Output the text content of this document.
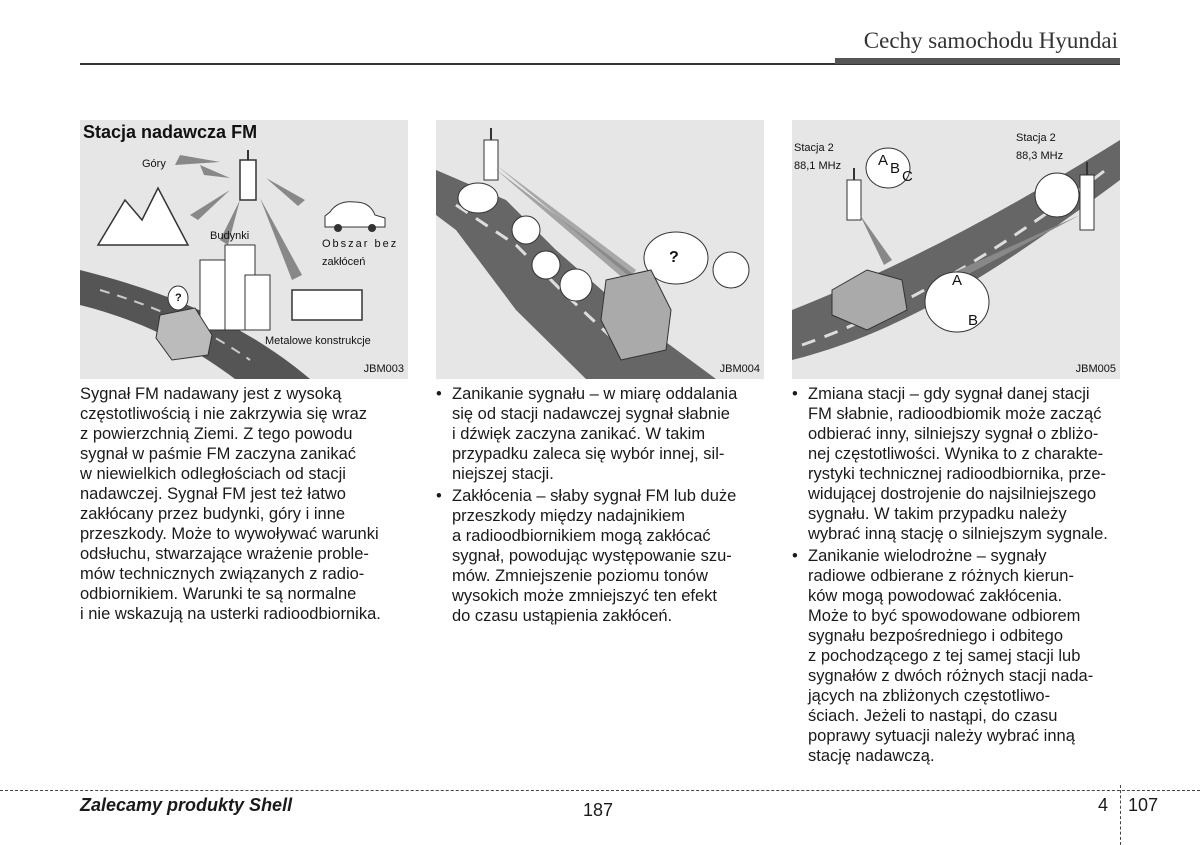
Cechy samochodu Hyundai
Stacja nadawcza FM
Góry
Budynki
Obszar bez
zakłóceń
Metalowe konstrukcje
?
JBM003
?
JBM004
Stacja 2
88,1 MHz
Stacja 2
88,3 MHz
A B C
A
B
JBM005

Sygnał FM nadawany jest z wysoką

częstotliwością i nie zakrzywia się wraz

z powierzchnią Ziemi. Z tego powodu

sygnał w paśmie FM zaczyna zanikać

w niewielkich odległościach od stacji

nadawczej. Sygnał FM jest też łatwo

zakłócany przez budynki, góry i inne

przeszkody. Może to wywoływać warunki

odsłuchu, stwarzające wrażenie proble-

mów technicznych związanych z radio-

odbiornikiem. Warunki te są normalne

i nie wskazują na usterki radioodbiornika.

• Zanikanie sygnału – w miarę oddalania

się od stacji nadawczej sygnał słabnie

i dźwięk zaczyna zanikać. W takim

przypadku zaleca się wybór innej, sil-

niejszej stacji.

• Zakłócenia – słaby sygnał FM lub duże

przeszkody między nadajnikiem

a radioodbiornikiem mogą zakłócać

sygnał, powodując występowanie szu-

mów. Zmniejszenie poziomu tonów

wysokich może zmniejszyć ten efekt

do czasu ustąpienia zakłóceń.

• Zmiana stacji – gdy sygnał danej stacji

FM słabnie, radioodbiomik może zacząć

odbierać inny, silniejszy sygnał o zbliżo-

nej częstotliwości. Wynika to z charakte-

rystyki technicznej radioodbiornika, prze-

widującej dostrojenie do najsilniejszego

sygnału. W takim przypadku należy

wybrać inną stację o silniejszym sygnale.

• Zanikanie wielodrożne – sygnały

radiowe odbierane z różnych kierun-

ków mogą powodować zakłócenia.

Może to być spowodowane odbiorem

sygnału bezpośredniego i odbitego

z pochodzącego z tej samej stacji lub

sygnałów z dwóch różnych stacji nada-

jących na zbliżonych częstotliwo-

ściach. Jeżeli to nastąpi, do czasu

poprawy sytuacji należy wybrać inną

stację nadawczą.

Zalecamy produkty Shell	187	4 107
